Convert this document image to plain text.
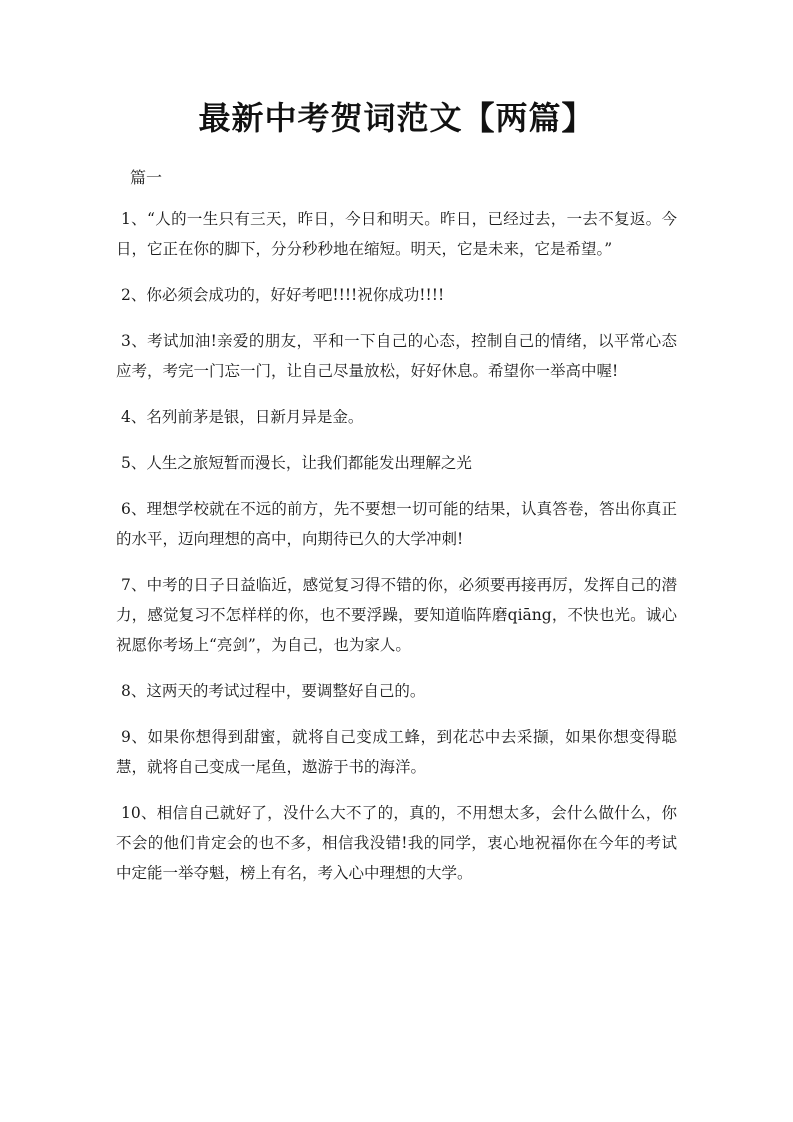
最新中考贺词范文【两篇】
篇一

1、“人的一生只有三天，昨日，今日和明天。昨日，已经过去，一去不复返。今日，它正在你的脚下，分分秒秒地在缩短。明天，它是未来，它是希望。”

2、你必须会成功的，好好考吧!!!!祝你成功!!!!

3、考试加油!亲爱的朋友，平和一下自己的心态，控制自己的情绪，以平常心态应考，考完一门忘一门，让自己尽量放松，好好休息。希望你一举高中喔!

4、名列前茅是银，日新月异是金。

5、人生之旅短暂而漫长，让我们都能发出理解之光

6、理想学校就在不远的前方，先不要想一切可能的结果，认真答卷，答出你真正的水平，迈向理想的高中，向期待已久的大学冲刺!

7、中考的日子日益临近，感觉复习得不错的你，必须要再接再厉，发挥自己的潜力，感觉复习不怎样样的你，也不要浮躁，要知道临阵磨qiāng，不快也光。诚心祝愿你考场上“亮剑”，为自己，也为家人。

8、这两天的考试过程中，要调整好自己的。

9、如果你想得到甜蜜，就将自己变成工蜂，到花芯中去采撷，如果你想变得聪慧，就将自己变成一尾鱼，遨游于书的海洋。

10、相信自己就好了，没什么大不了的，真的，不用想太多，会什么做什么，你不会的他们肯定会的也不多，相信我没错!我的同学，衷心地祝福你在今年的考试中定能一举夺魁，榜上有名，考入心中理想的大学。
